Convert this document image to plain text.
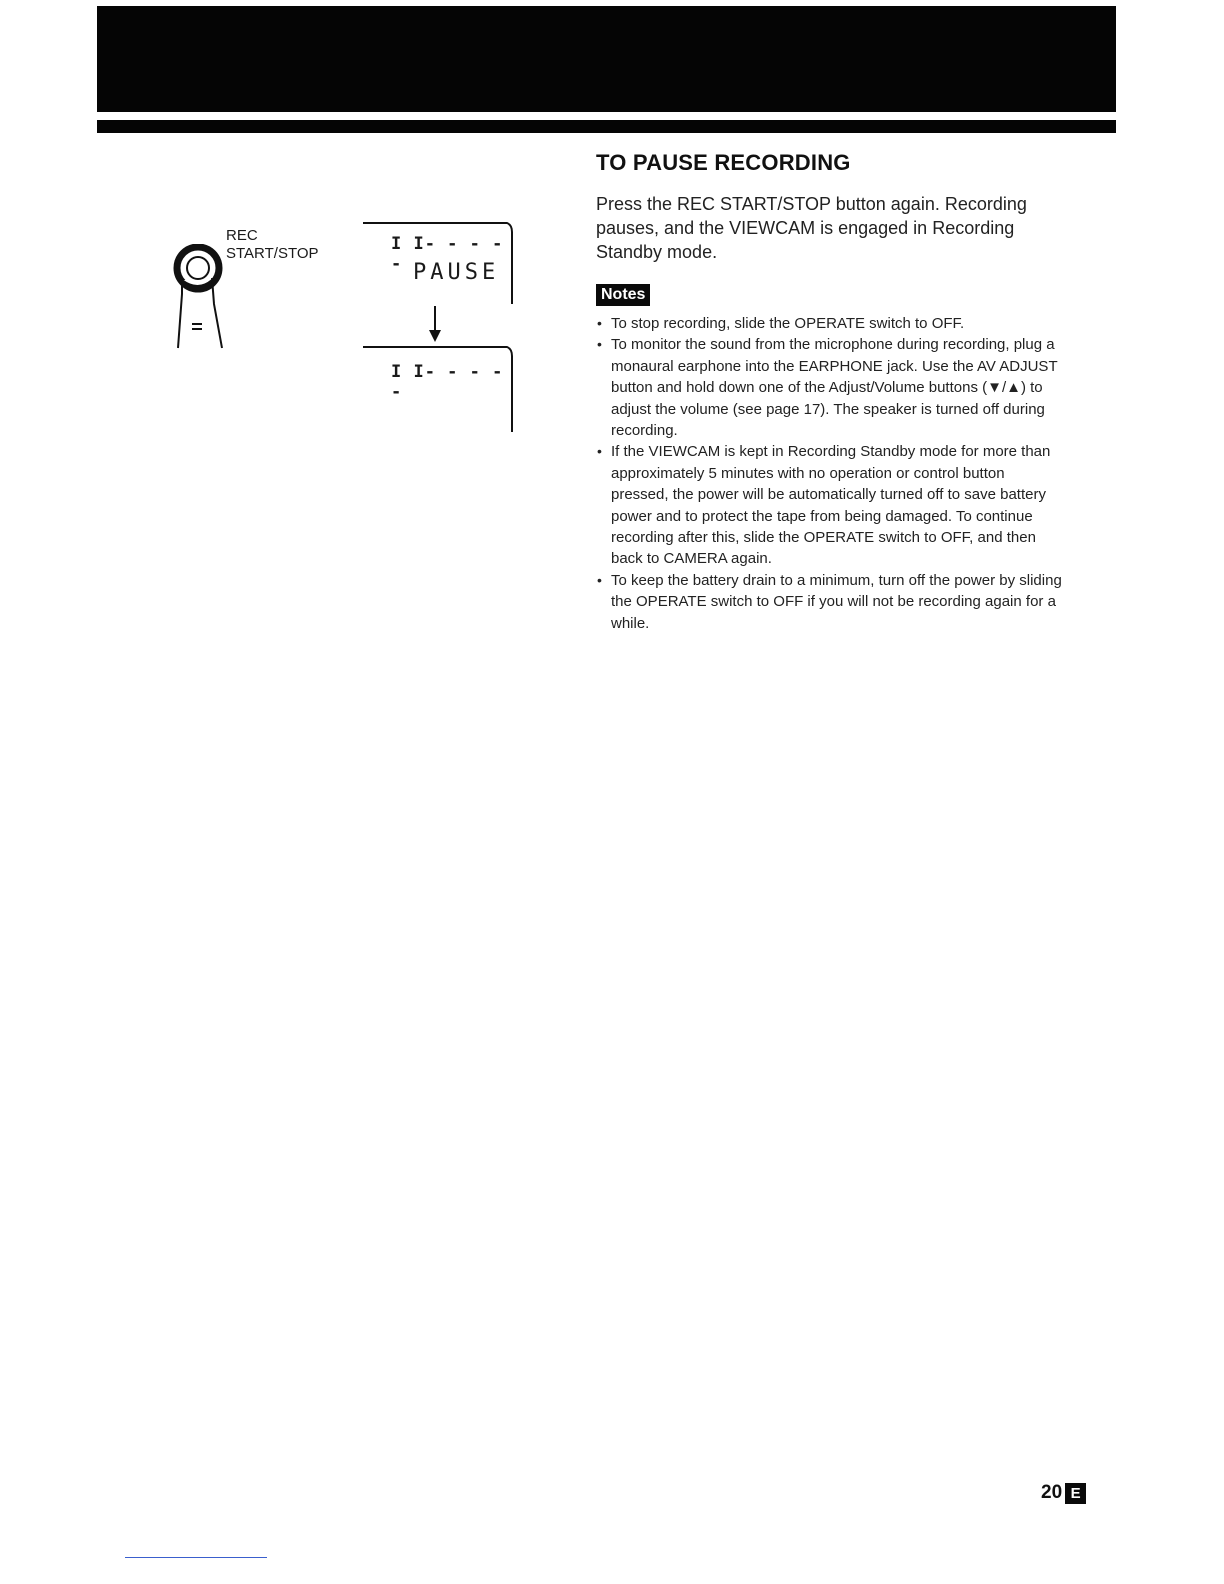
REC
START/STOP	I I- - - - - PAUSE
I I- - - - -
TO PAUSE RECORDING

Press the REC START/STOP button again. Recording pauses, and the VIEWCAM is engaged in Recording Standby mode.

Notes
• To stop recording, slide the OPERATE switch to OFF.
• To monitor the sound from the microphone during recording, plug a monaural earphone into the EARPHONE jack. Use the AV ADJUST button and hold down one of the Adjust/Volume buttons (▼/▲) to adjust the volume (see page 17). The speaker is turned off during recording.
• If the VIEWCAM is kept in Recording Standby mode for more than approximately 5 minutes with no operation or control button pressed, the power will be automatically turned off to save battery power and to protect the tape from being damaged. To continue recording after this, slide the OPERATE switch to OFF, and then back to CAMERA again.
• To keep the battery drain to a minimum, turn off the power by sliding the OPERATE switch to OFF if you will not be recording again for a while.
20 E
